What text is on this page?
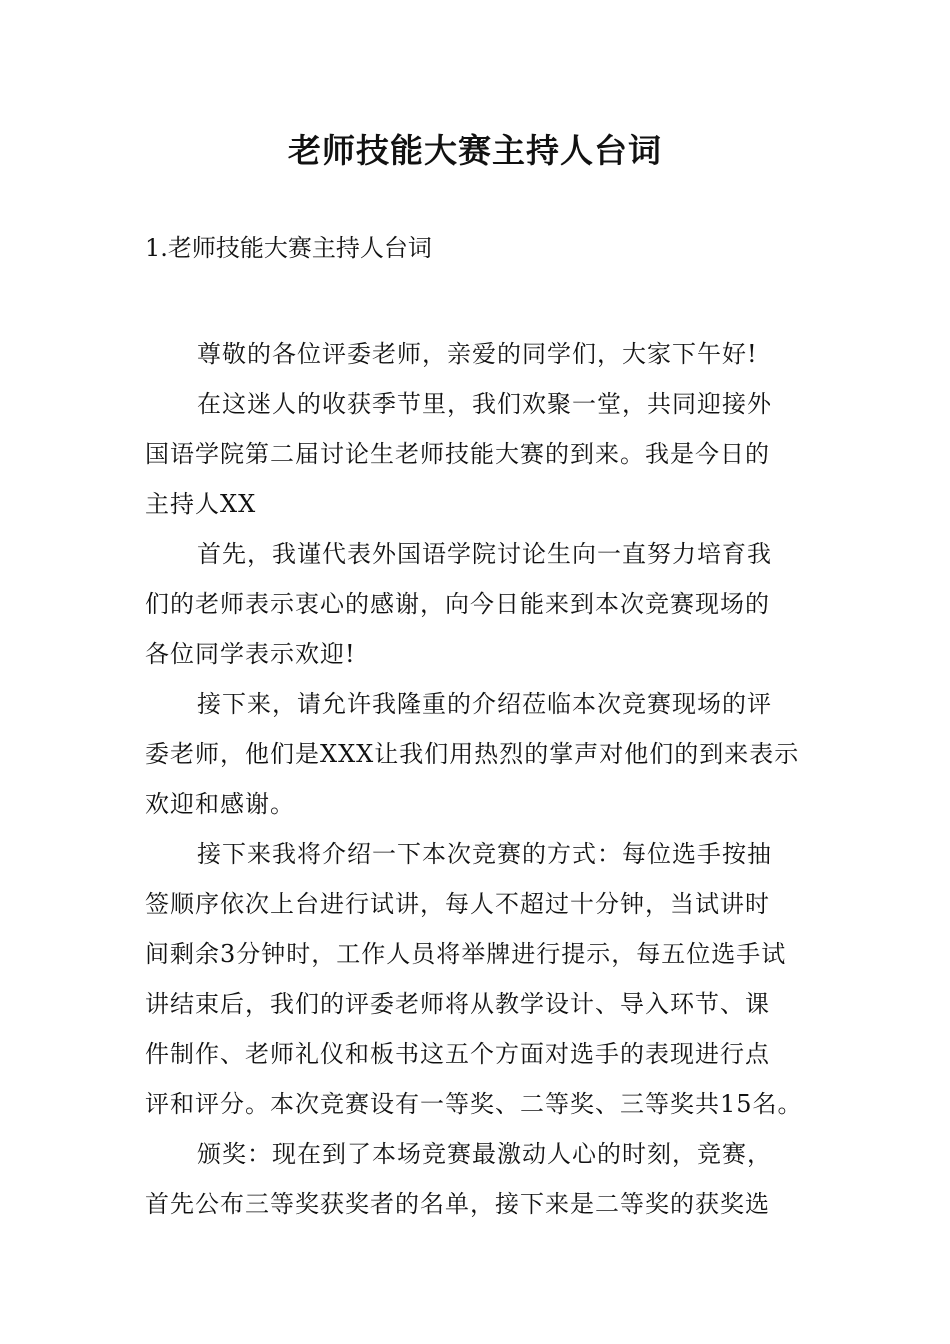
老师技能大赛主持人台词
1.老师技能大赛主持人台词
尊敬的各位评委老师，亲爱的同学们，大家下午好!
在这迷人的收获季节里，我们欢聚一堂，共同迎接外
国语学院第二届讨论生老师技能大赛的到来。我是今日的
主持人XX
首先，我谨代表外国语学院讨论生向一直努力培育我
们的老师表示衷心的感谢，向今日能来到本次竞赛现场的
各位同学表示欢迎!
接下来，请允许我隆重的介绍莅临本次竞赛现场的评
委老师，他们是XXX让我们用热烈的掌声对他们的到来表示
欢迎和感谢。
接下来我将介绍一下本次竞赛的方式：每位选手按抽
签顺序依次上台进行试讲，每人不超过十分钟，当试讲时
间剩余3分钟时，工作人员将举牌进行提示，每五位选手试
讲结束后，我们的评委老师将从教学设计、导入环节、课
件制作、老师礼仪和板书这五个方面对选手的表现进行点
评和评分。本次竞赛设有一等奖、二等奖、三等奖共15名。
颁奖：现在到了本场竞赛最激动人心的时刻，竞赛，
首先公布三等奖获奖者的名单，接下来是二等奖的获奖选
